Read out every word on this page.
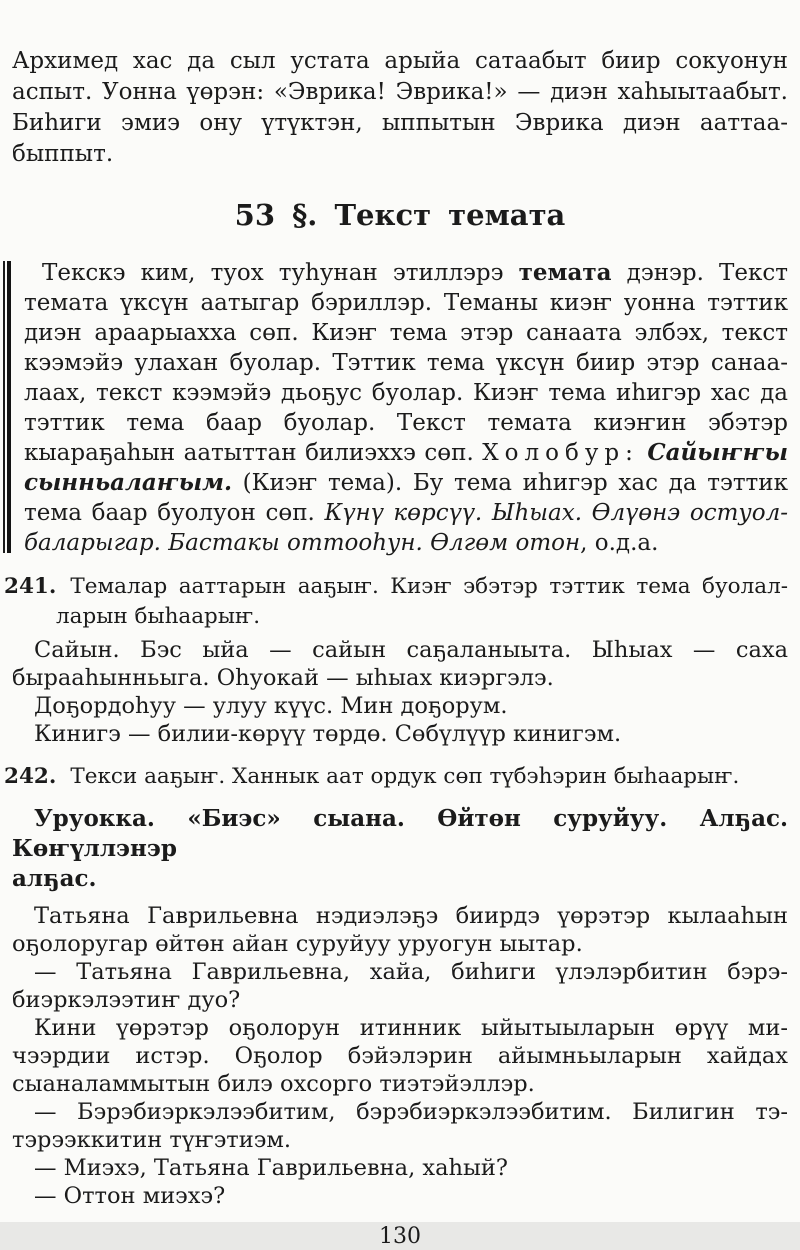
Архимед хас да сыл устата арыйа сатаабыт биир сокуонун
аспыт. Уонна үөрэн: «Эврика! Эврика!» — диэн хаһыытаабыт.
Биһиги эмиэ ону үтүктэн, ыппытын Эврика диэн ааттаа-
быппыт.
53 §. Текст темата
Текскэ ким, туох туһунан этиллэрэ темата дэнэр. Текст
темата үксүн аатыгар бэриллэр. Теманы киэҥ уонна тэттик
диэн араарыахха сөп. Киэҥ тема этэр санаата элбэх, текст
кээмэйэ улахан буолар. Тэттик тема үксүн биир этэр санаа-
лаах, текст кээмэйэ дьоҕус буолар. Киэҥ тема иһигэр хас да
тэттик тема баар буолар. Текст темата киэҥин эбэтэр
кыараҕаһын аатыттан билиэххэ сөп. Холобур: Сайыҥҥы
сынньалаҥым. (Киэҥ тема). Бу тема иһигэр хас да тэттик
тема баар буолуон сөп. Күнү көрсүү. Ыһыах. Өлүөнэ остуол-
баларыгар. Бастакы оттооһун. Өлгөм отон, о.д.а.
241. Темалар ааттарын ааҕыҥ. Киэҥ эбэтэр тэттик тема буолал-
ларын быһаарыҥ.
Сайын. Бэс ыйа — сайын саҕаланыыта. Ыһыах — саха
бырааһынньыга. Оһуокай — ыһыах киэргэлэ.
Доҕордоһуу — улуу күүс. Мин доҕорум.
Кинигэ — билии-көрүү төрдө. Сөбүлүүр кинигэм.
242. Текси ааҕыҥ. Ханнык аат ордук сөп түбэһэрин быһаарыҥ.
Уруокка. «Биэс» сыана. Өйтөн суруйуу. Алҕас. Көҥүллэнэр
алҕас.
Татьяна Гаврильевна нэдиэлэҕэ биирдэ үөрэтэр кылааһын
оҕолоругар өйтөн айан суруйуу уруогун ыытар.
— Татьяна Гаврильевна, хайа, биһиги үлэлэрбитин бэрэ-
биэркэлээтиҥ дуо?
Кини үөрэтэр оҕолорун итинник ыйытыыларын өрүү ми-
чээрдии истэр. Оҕолор бэйэлэрин айымньыларын хайдах
сыаналаммытын билэ охсорго тиэтэйэллэр.
— Бэрэбиэркэлээбитим, бэрэбиэркэлээбитим. Билигин тэ-
тэрээккитин түҥэтиэм.
— Миэхэ, Татьяна Гаврильевна, хаһый?
— Оттон миэхэ?
130
